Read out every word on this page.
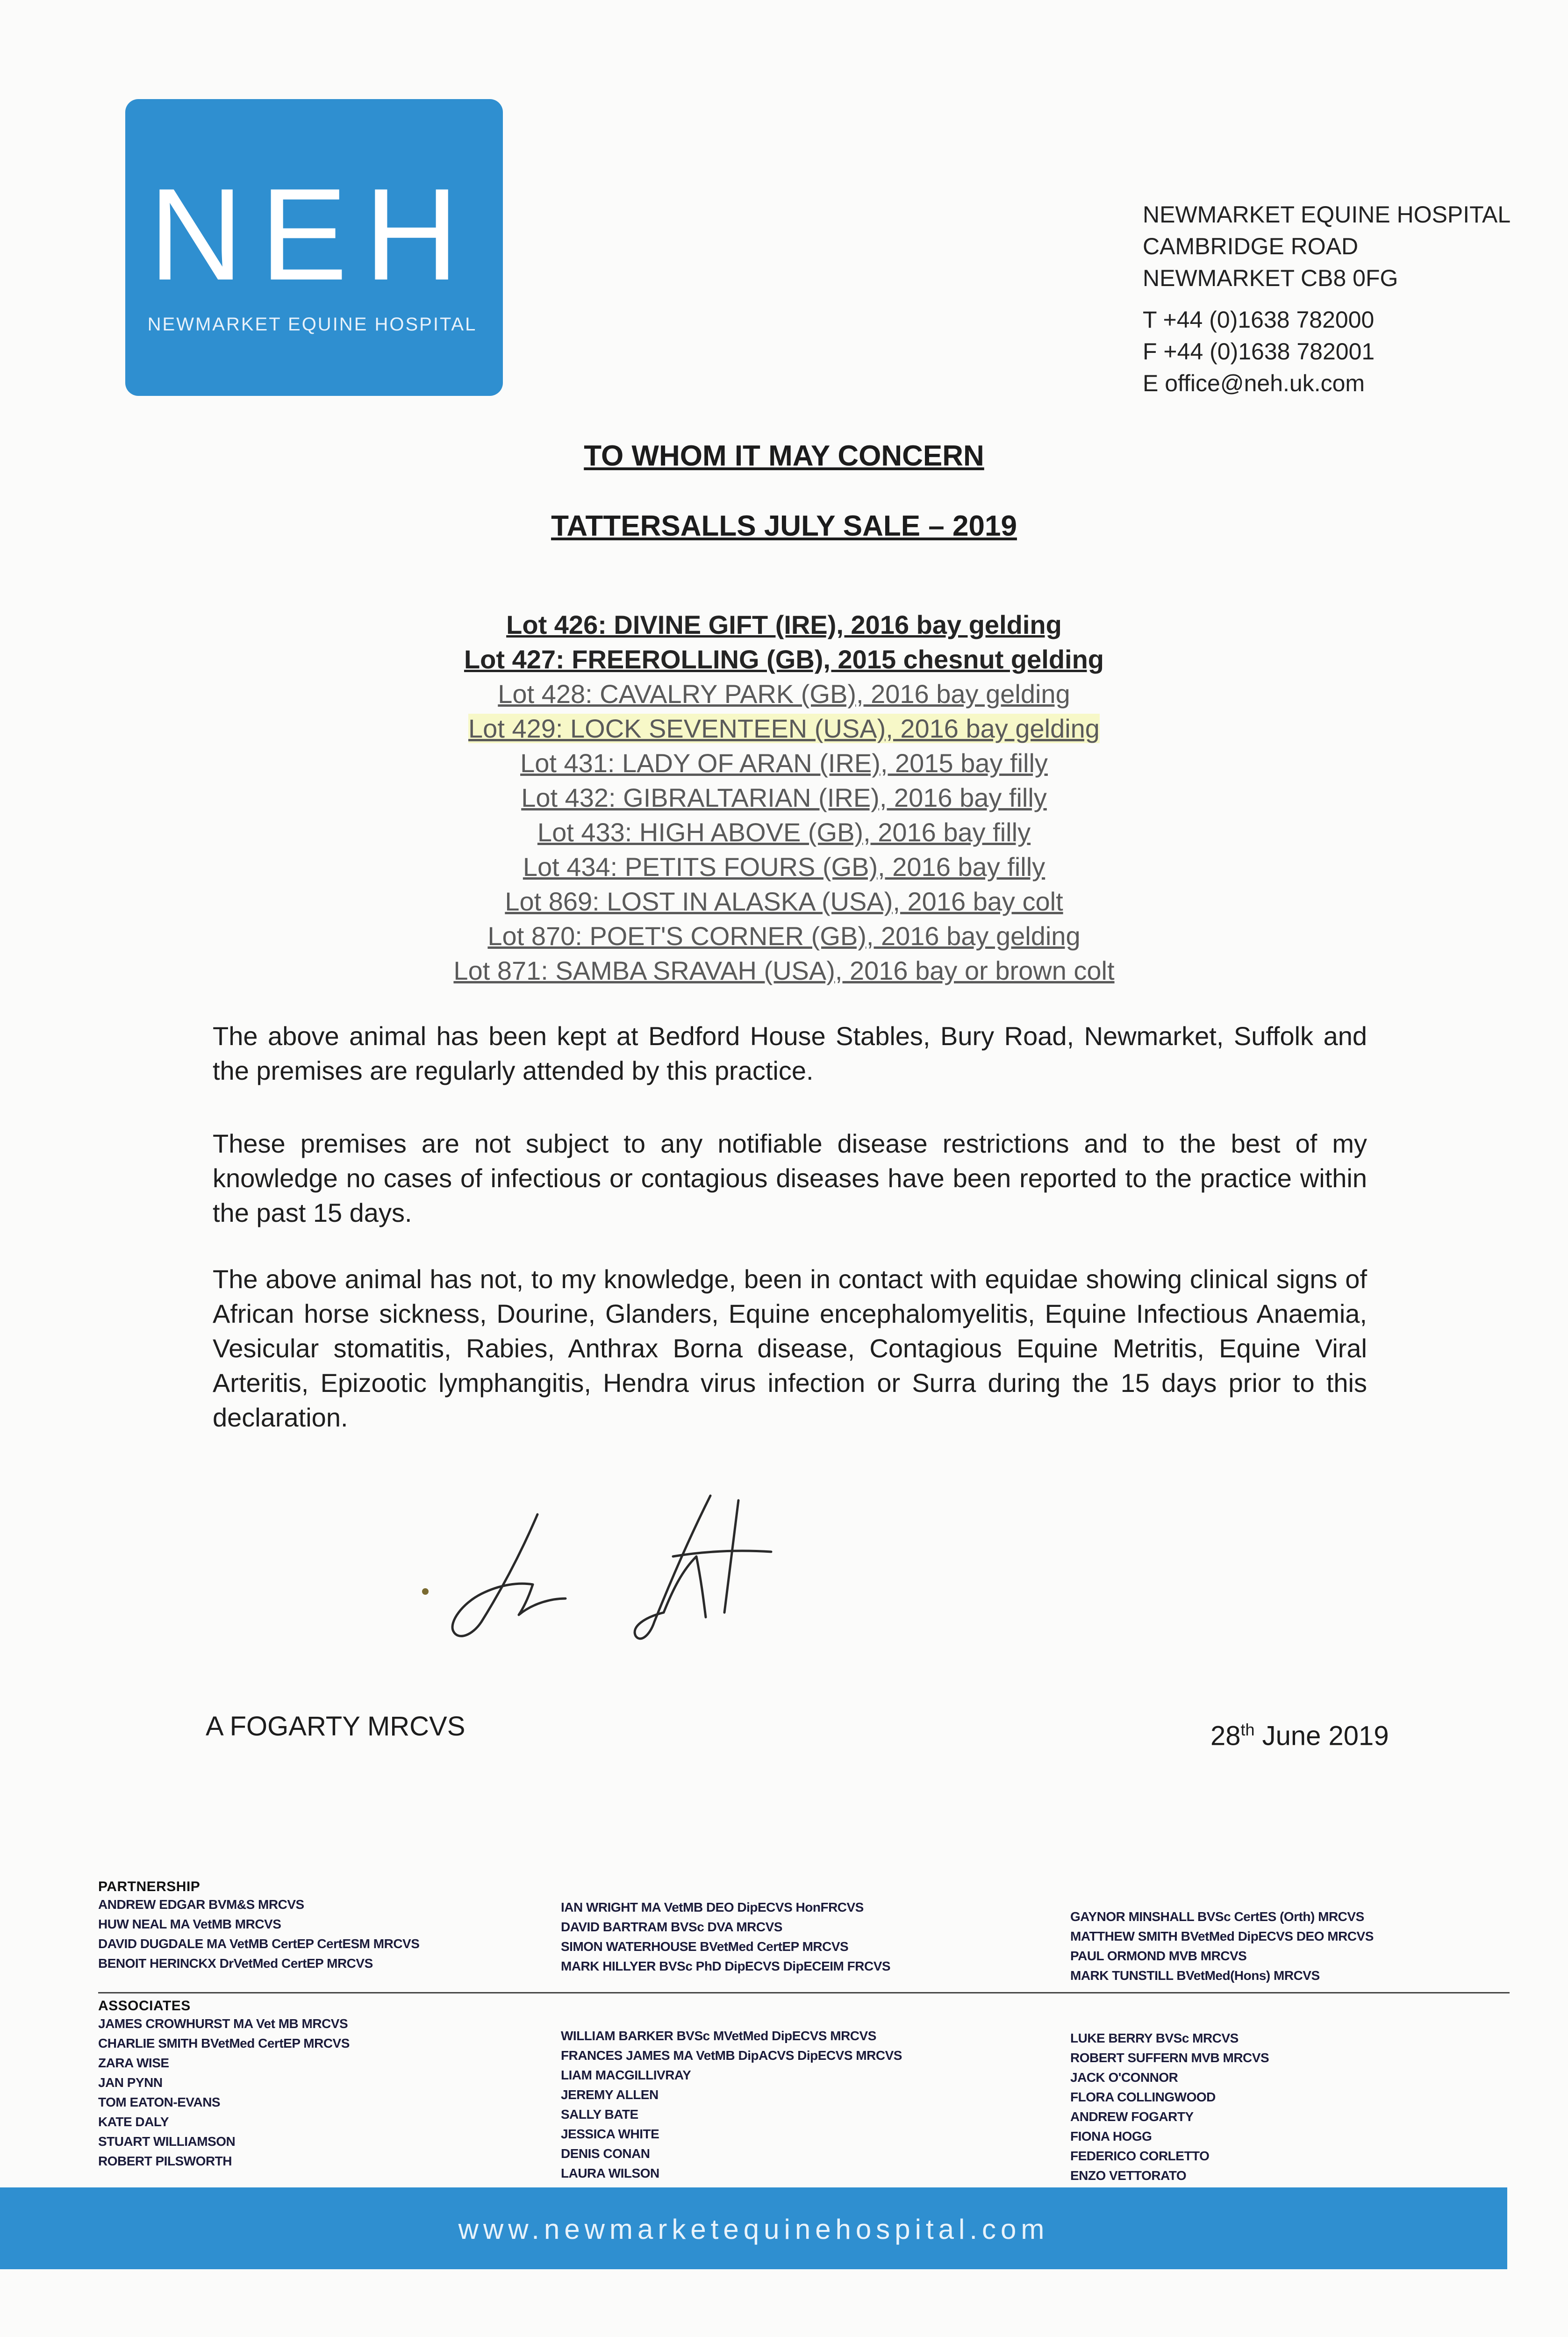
NEH
NEWMARKET EQUINE HOSPITAL
NEWMARKET EQUINE HOSPITAL
CAMBRIDGE ROAD
NEWMARKET CB8 0FG
T +44 (0)1638 782000
F +44 (0)1638 782001
E office@neh.uk.com
TO WHOM IT MAY CONCERN
TATTERSALLS JULY SALE – 2019
Lot 426: DIVINE GIFT (IRE), 2016 bay gelding
Lot 427: FREEROLLING (GB), 2015 chesnut gelding
Lot 428: CAVALRY PARK (GB), 2016 bay gelding
Lot 429: LOCK SEVENTEEN (USA), 2016 bay gelding
Lot 431: LADY OF ARAN (IRE), 2015 bay filly
Lot 432: GIBRALTARIAN (IRE), 2016 bay filly
Lot 433: HIGH ABOVE (GB), 2016 bay filly
Lot 434: PETITS FOURS (GB), 2016 bay filly
Lot 869: LOST IN ALASKA (USA), 2016 bay colt
Lot 870: POET'S CORNER (GB), 2016 bay gelding
Lot 871: SAMBA SRAVAH (USA), 2016 bay or brown colt
The above animal has been kept at Bedford House Stables, Bury Road, Newmarket, Suffolk and the premises are regularly attended by this practice.
These premises are not subject to any notifiable disease restrictions and to the best of my knowledge no cases of infectious or contagious diseases have been reported to the practice within the past 15 days.
The above animal has not, to my knowledge, been in contact with equidae showing clinical signs of African horse sickness, Dourine, Glanders, Equine encephalomyelitis, Equine Infectious Anaemia, Vesicular stomatitis, Rabies, Anthrax Borna disease, Contagious Equine Metritis, Equine Viral Arteritis, Epizootic lymphangitis, Hendra virus infection or Surra during the 15 days prior to this declaration.
A FOGARTY MRCVS	28th June 2019
PARTNERSHIP
ANDREW EDGAR BVM&S MRCVS
HUW NEAL MA VetMB MRCVS
DAVID DUGDALE MA VetMB CertEP CertESM MRCVS
BENOIT HERINCKX DrVetMed CertEP MRCVS
IAN WRIGHT MA VetMB DEO DipECVS HonFRCVS
DAVID BARTRAM BVSc DVA MRCVS
SIMON WATERHOUSE BVetMed CertEP MRCVS
MARK HILLYER BVSc PhD DipECVS DipECEIM FRCVS
GAYNOR MINSHALL BVSc CertES (Orth) MRCVS
MATTHEW SMITH BVetMed DipECVS DEO MRCVS
PAUL ORMOND MVB MRCVS
MARK TUNSTILL BVetMed(Hons) MRCVS
ASSOCIATES
JAMES CROWHURST MA Vet MB MRCVS
CHARLIE SMITH BVetMed CertEP MRCVS
ZARA WISE
JAN PYNN
TOM EATON-EVANS
KATE DALY
STUART WILLIAMSON
ROBERT PILSWORTH
WILLIAM BARKER BVSc MVetMed DipECVS MRCVS
FRANCES JAMES MA VetMB DipACVS DipECVS MRCVS
LIAM MACGILLIVRAY
JEREMY ALLEN
SALLY BATE
JESSICA WHITE
DENIS CONAN
LAURA WILSON
LUKE BERRY BVSc MRCVS
ROBERT SUFFERN MVB MRCVS
JACK O'CONNOR
FLORA COLLINGWOOD
ANDREW FOGARTY
FIONA HOGG
FEDERICO CORLETTO
ENZO VETTORATO
www.newmarketequinehospital.com
